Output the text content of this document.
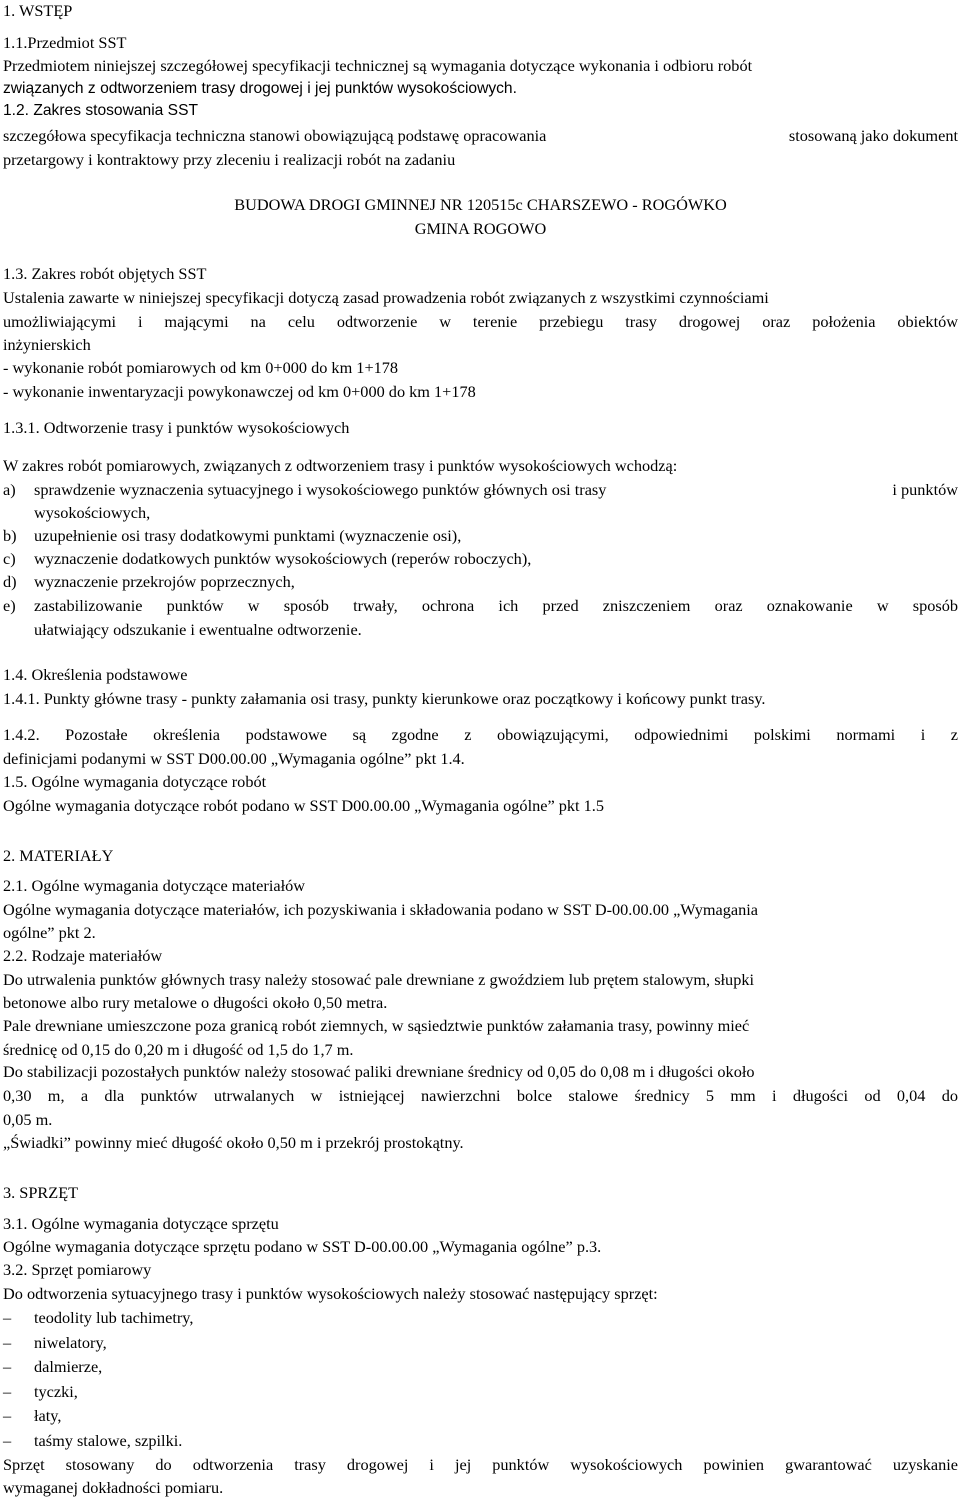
1. WSTĘP
1.1.Przedmiot SST
Przedmiotem niniejszej szczegółowej specyfikacji technicznej są wymagania dotyczące wykonania i odbioru robót
związanych z odtworzeniem trasy drogowej i jej punktów wysokościowych.
1.2. Zakres stosowania SST
szczegółowa specyfikacja techniczna stanowi obowiązującą podstawę opracowania	stosowaną jako dokument
przetargowy i kontraktowy przy zleceniu i realizacji robót na zadaniu
BUDOWA DROGI GMINNEJ NR 120515c CHARSZEWO - ROGÓWKO
GMINA ROGOWO
1.3. Zakres robót objętych SST
Ustalenia zawarte w niniejszej specyfikacji dotyczą zasad prowadzenia robót związanych z wszystkimi czynnościami
umożliwiającymi i mającymi na celu odtworzenie w terenie przebiegu trasy drogowej oraz położenia obiektów
inżynierskich
- wykonanie robót pomiarowych od km 0+000 do km 1+178
- wykonanie inwentaryzacji powykonawczej od km 0+000 do km 1+178
1.3.1. Odtworzenie trasy i punktów wysokościowych
W zakres robót pomiarowych, związanych z odtworzeniem trasy i punktów wysokościowych wchodzą:
a) sprawdzenie wyznaczenia sytuacyjnego i wysokościowego punktów głównych osi trasy	i punktów
wysokościowych,
b) uzupełnienie osi trasy dodatkowymi punktami (wyznaczenie osi),
c) wyznaczenie dodatkowych punktów wysokościowych (reperów roboczych),
d) wyznaczenie przekrojów poprzecznych,
e) zastabilizowanie punktów w sposób trwały, ochrona ich przed zniszczeniem oraz oznakowanie w sposób
ułatwiający odszukanie i ewentualne odtworzenie.
1.4. Określenia podstawowe
1.4.1. Punkty główne trasy - punkty załamania osi trasy, punkty kierunkowe oraz początkowy i końcowy punkt trasy.
1.4.2. Pozostałe określenia podstawowe są zgodne z obowiązującymi, odpowiednimi polskimi normami i z
definicjami podanymi w SST D00.00.00 „Wymagania ogólne” pkt 1.4.
1.5. Ogólne wymagania dotyczące robót
Ogólne wymagania dotyczące robót podano w SST D00.00.00 „Wymagania ogólne” pkt 1.5
2. MATERIAŁY
2.1. Ogólne wymagania dotyczące materiałów
Ogólne wymagania dotyczące materiałów, ich pozyskiwania i składowania podano w SST D-00.00.00 „Wymagania
ogólne” pkt 2.
2.2. Rodzaje materiałów
Do utrwalenia punktów głównych trasy należy stosować pale drewniane z gwoździem lub prętem stalowym, słupki
betonowe albo rury metalowe o długości około 0,50 metra.
Pale drewniane umieszczone poza granicą robót ziemnych, w sąsiedztwie punktów załamania trasy, powinny mieć
średnicę od 0,15 do 0,20 m i długość od 1,5 do 1,7 m.
Do stabilizacji pozostałych punktów należy stosować paliki drewniane średnicy od 0,05 do 0,08 m i długości około
0,30 m, a dla punktów utrwalanych w istniejącej nawierzchni bolce stalowe średnicy 5 mm i długości od 0,04 do
0,05 m.
„Świadki” powinny mieć długość około 0,50 m i przekrój prostokątny.
3. SPRZĘT
3.1. Ogólne wymagania dotyczące sprzętu
Ogólne wymagania dotyczące sprzętu podano w SST D-00.00.00 „Wymagania ogólne” p.3.
3.2. Sprzęt pomiarowy
Do odtworzenia sytuacyjnego trasy i punktów wysokościowych należy stosować następujący sprzęt:
– teodolity lub tachimetry,
– niwelatory,
– dalmierze,
– tyczki,
– łaty,
– taśmy stalowe, szpilki.
Sprzęt stosowany do odtworzenia trasy drogowej i jej punktów wysokościowych powinien gwarantować uzyskanie
wymaganej dokładności pomiaru.
